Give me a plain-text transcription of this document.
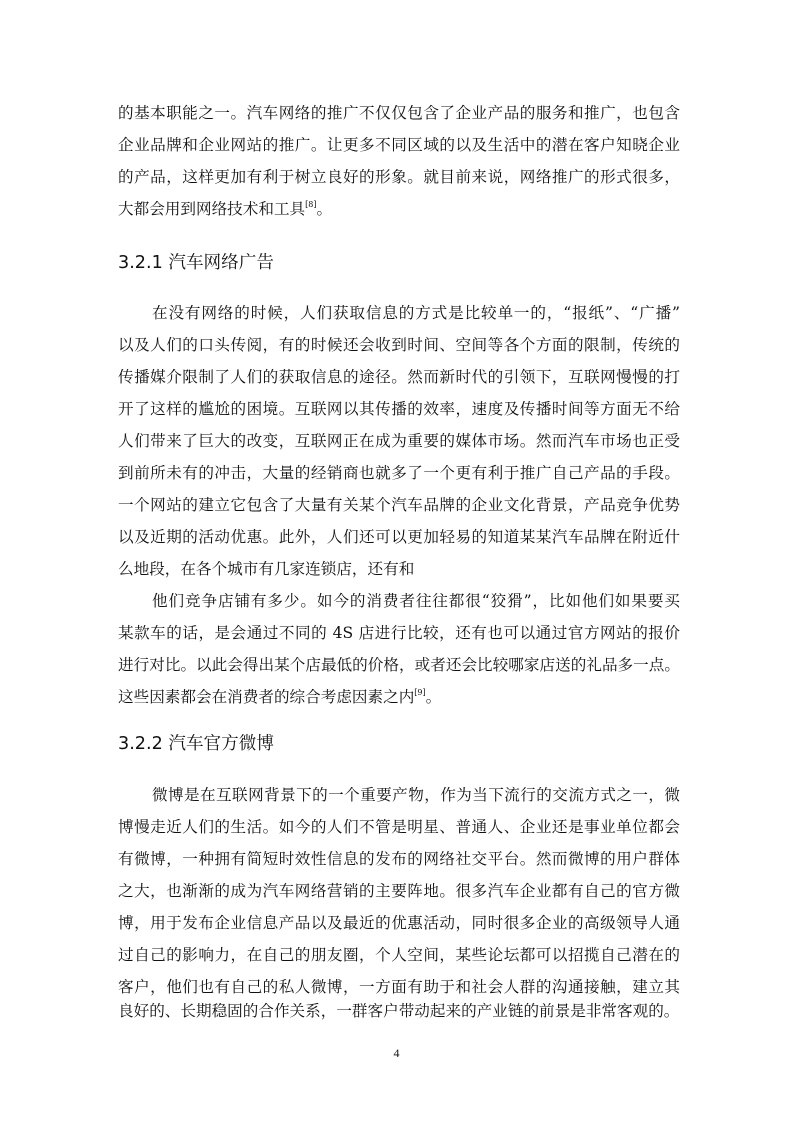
的基本职能之一。汽车网络的推广不仅仅包含了企业产品的服务和推广，也包含
企业品牌和企业网站的推广。让更多不同区域的以及生活中的潜在客户知晓企业
的产品，这样更加有利于树立良好的形象。就目前来说，网络推广的形式很多，
大都会用到网络技术和工具[8]。
3.2.1 汽车网络广告
在没有网络的时候，人们获取信息的方式是比较单一的，“报纸”、“广播”
以及人们的口头传阅，有的时候还会收到时间、空间等各个方面的限制，传统的
传播媒介限制了人们的获取信息的途径。然而新时代的引领下，互联网慢慢的打
开了这样的尴尬的困境。互联网以其传播的效率，速度及传播时间等方面无不给
人们带来了巨大的改变，互联网正在成为重要的媒体市场。然而汽车市场也正受
到前所未有的冲击，大量的经销商也就多了一个更有利于推广自己产品的手段。
一个网站的建立它包含了大量有关某个汽车品牌的企业文化背景，产品竞争优势
以及近期的活动优惠。此外，人们还可以更加轻易的知道某某汽车品牌在附近什
么地段，在各个城市有几家连锁店，还有和
他们竞争店铺有多少。如今的消费者往往都很“狡猾”，比如他们如果要买
某款车的话，是会通过不同的 4S 店进行比较，还有也可以通过官方网站的报价
进行对比。以此会得出某个店最低的价格，或者还会比较哪家店送的礼品多一点。
这些因素都会在消费者的综合考虑因素之内[9]。
3.2.2 汽车官方微博
微博是在互联网背景下的一个重要产物，作为当下流行的交流方式之一，微
博慢走近人们的生活。如今的人们不管是明星、普通人、企业还是事业单位都会
有微博，一种拥有简短时效性信息的发布的网络社交平台。然而微博的用户群体
之大，也渐渐的成为汽车网络营销的主要阵地。很多汽车企业都有自己的官方微
博，用于发布企业信息产品以及最近的优惠活动，同时很多企业的高级领导人通
过自己的影响力，在自己的朋友圈，个人空间，某些论坛都可以招揽自己潜在的
客户，他们也有自己的私人微博，一方面有助于和社会人群的沟通接触，建立其
良好的、长期稳固的合作关系，一群客户带动起来的产业链的前景是非常客观的。
4
